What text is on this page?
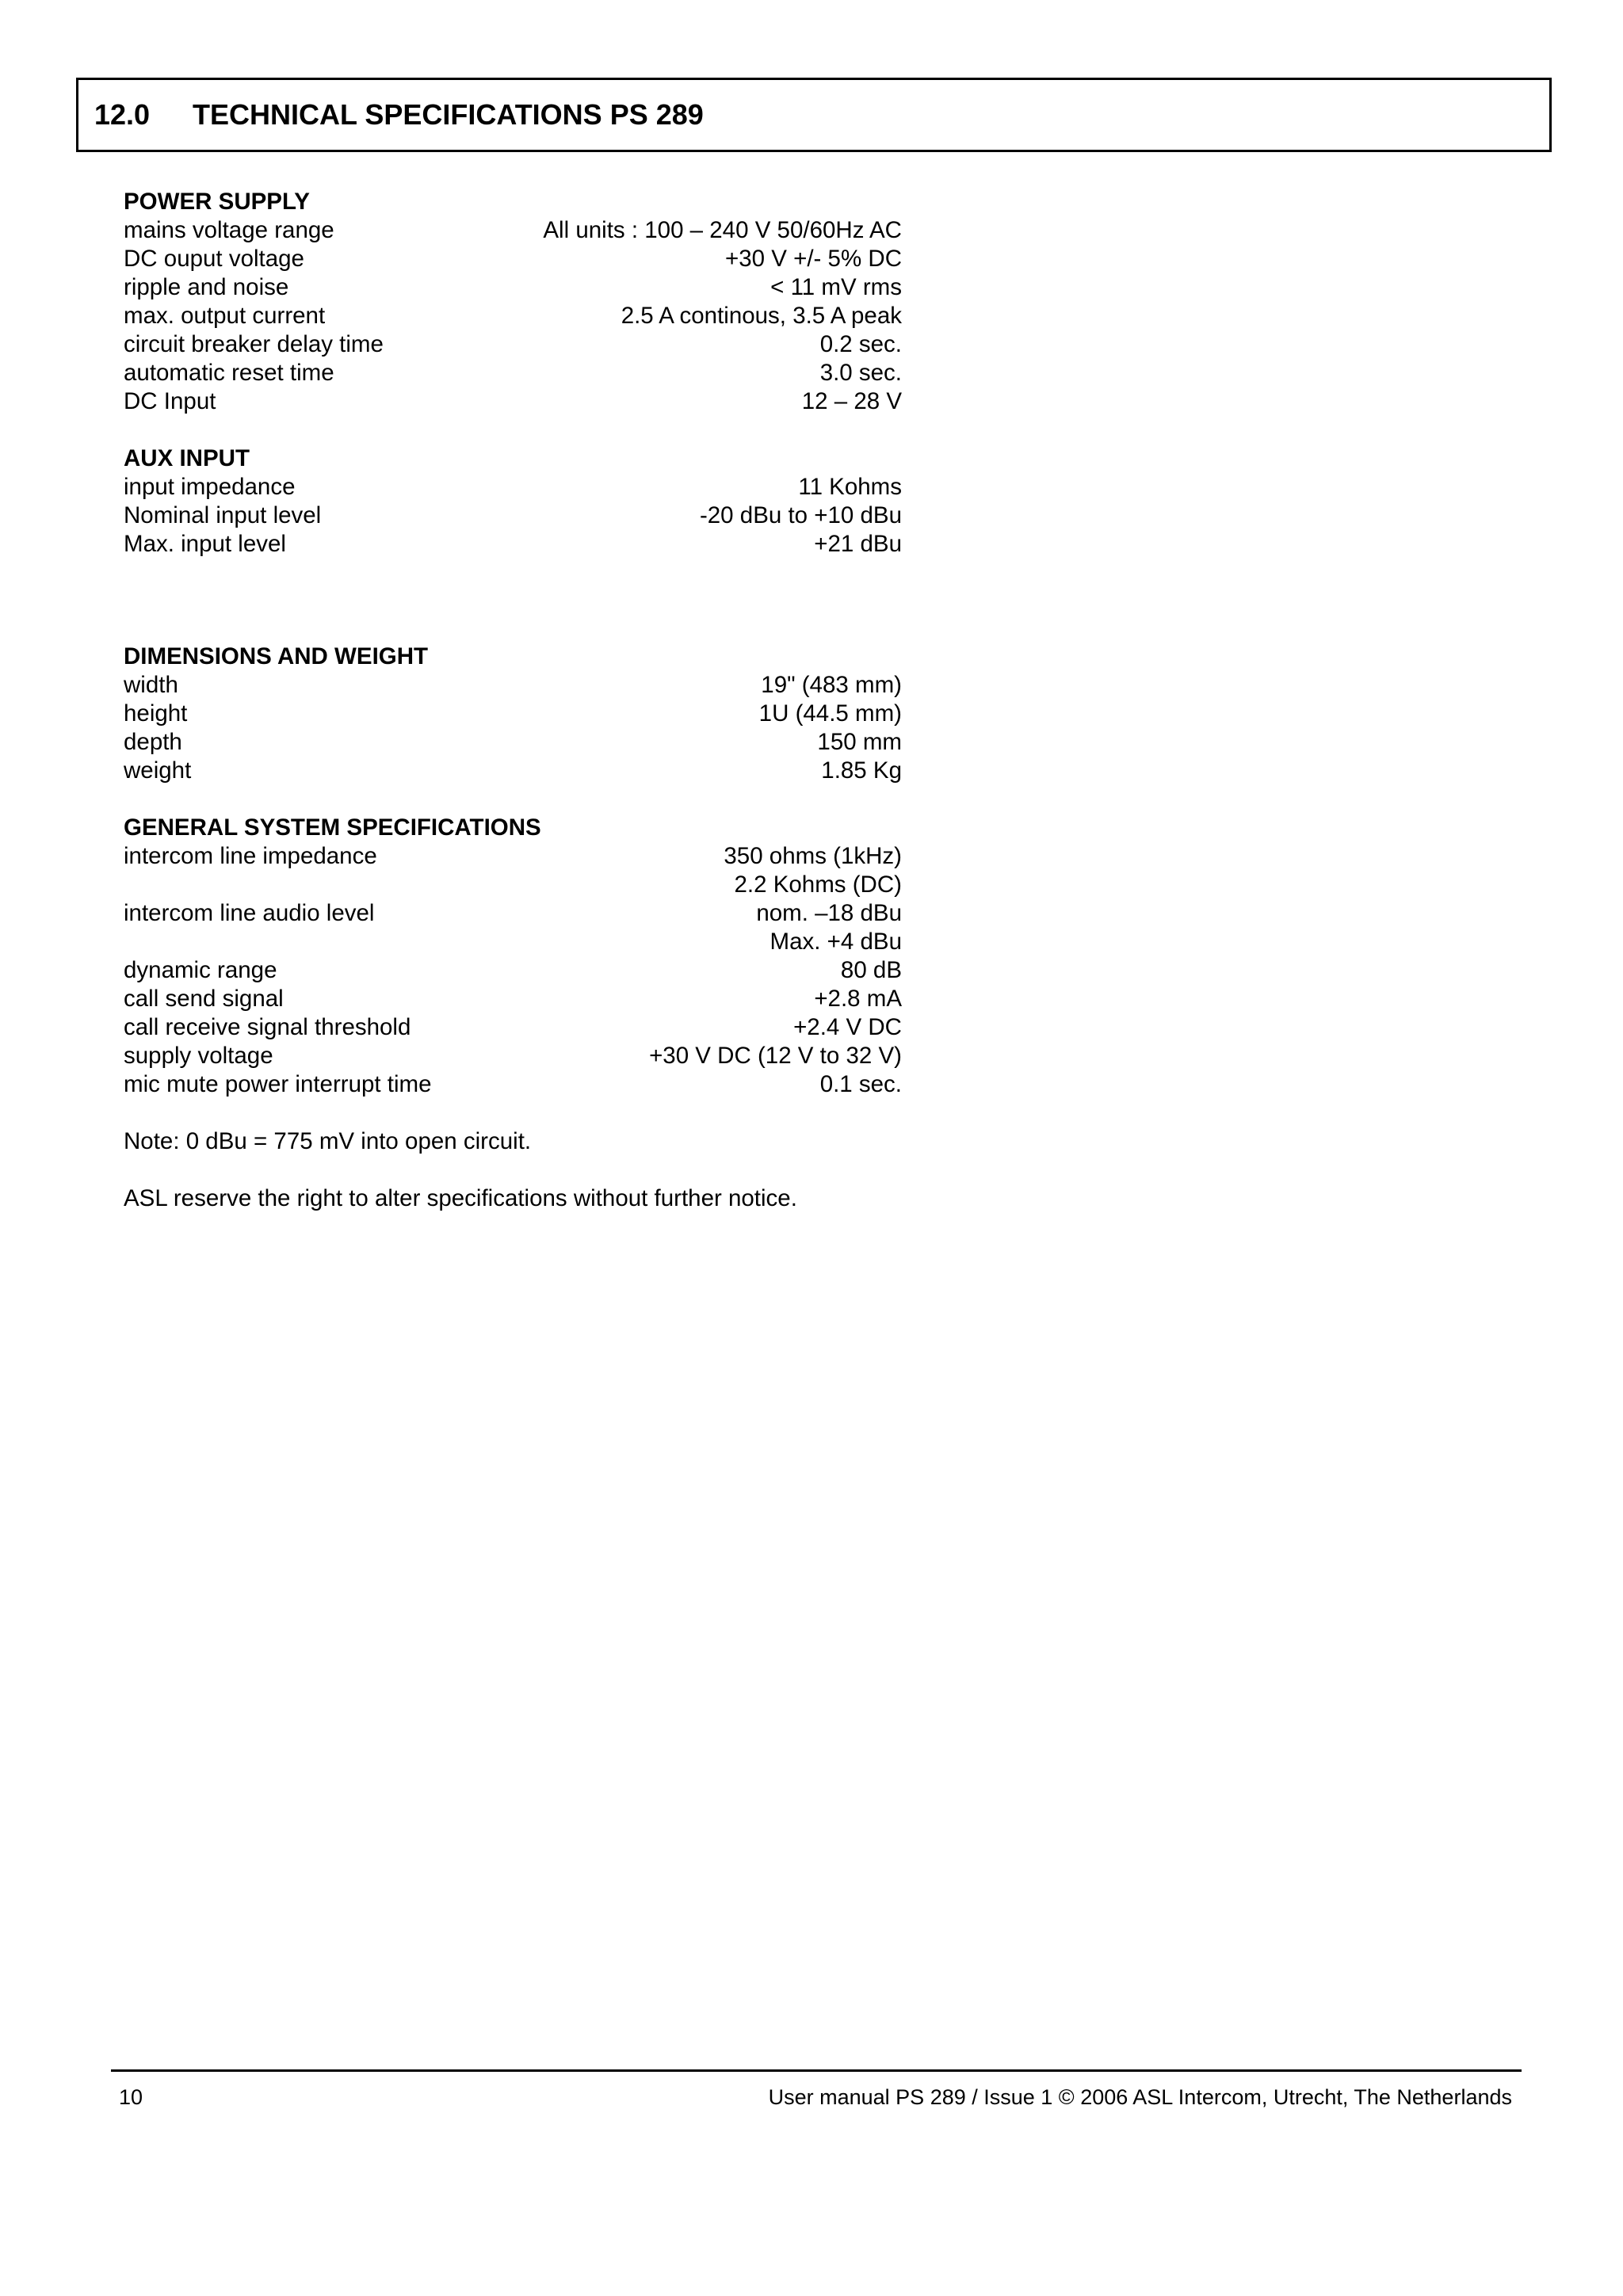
12.0 TECHNICAL SPECIFICATIONS PS 289
POWER SUPPLY
mains voltage range	All units : 100 – 240 V 50/60Hz AC
DC ouput voltage	+30 V +/- 5% DC
ripple and noise	< 11 mV rms
max. output current	2.5 A continous, 3.5 A peak
circuit breaker delay time	0.2 sec.
automatic reset time	3.0 sec.
DC Input	12 – 28 V
AUX INPUT
input impedance	11 Kohms
Nominal input level	-20 dBu to +10 dBu
Max. input level	+21 dBu
DIMENSIONS AND WEIGHT
width	19" (483 mm)
height	1U (44.5 mm)
depth	150 mm
weight	1.85 Kg
GENERAL SYSTEM SPECIFICATIONS
intercom line impedance	350 ohms (1kHz)
2.2 Kohms (DC)
intercom line audio level	nom. –18 dBu
Max. +4 dBu
dynamic range	80 dB
call send signal	+2.8 mA
call receive signal threshold	+2.4 V DC
supply voltage	+30 V DC (12 V to 32 V)
mic mute power interrupt time	0.1 sec.
Note: 0 dBu = 775 mV into open circuit.
ASL reserve the right to alter specifications without further notice.
10	User manual PS 289 / Issue 1 © 2006 ASL Intercom, Utrecht, The Netherlands
